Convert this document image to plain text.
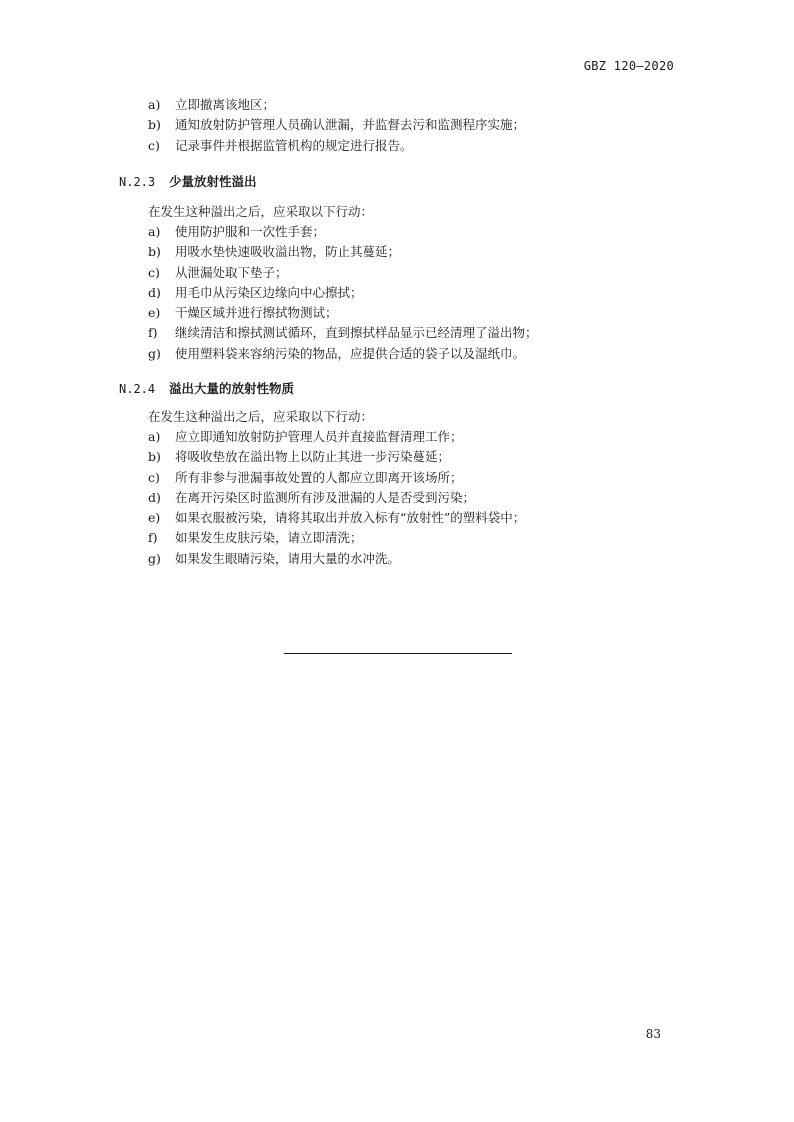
GBZ 120—2020
a)	立即撤离该地区；
b)	通知放射防护管理人员确认泄漏，并监督去污和监测程序实施；
c)	记录事件并根据监管机构的规定进行报告。
N.2.3	少量放射性溢出

在发生这种溢出之后，应采取以下行动：

a)	使用防护服和一次性手套；
b)	用吸水垫快速吸收溢出物，防止其蔓延；
c)	从泄漏处取下垫子；
d)	用毛巾从污染区边缘向中心擦拭；
e)	干燥区域并进行擦拭物测试；
f)	继续清洁和擦拭测试循环，直到擦拭样品显示已经清理了溢出物；
g)	使用塑料袋来容纳污染的物品，应提供合适的袋子以及湿纸巾。
N.2.4	溢出大量的放射性物质

在发生这种溢出之后，应采取以下行动：

a)	应立即通知放射防护管理人员并直接监督清理工作；
b)	将吸收垫放在溢出物上以防止其进一步污染蔓延；
c)	所有非参与泄漏事故处置的人都应立即离开该场所；
d)	在离开污染区时监测所有涉及泄漏的人是否受到污染；
e)	如果衣服被污染，请将其取出并放入标有“放射性”的塑料袋中；
f)	如果发生皮肤污染，请立即清洗；
g)	如果发生眼睛污染，请用大量的水冲洗。
83
